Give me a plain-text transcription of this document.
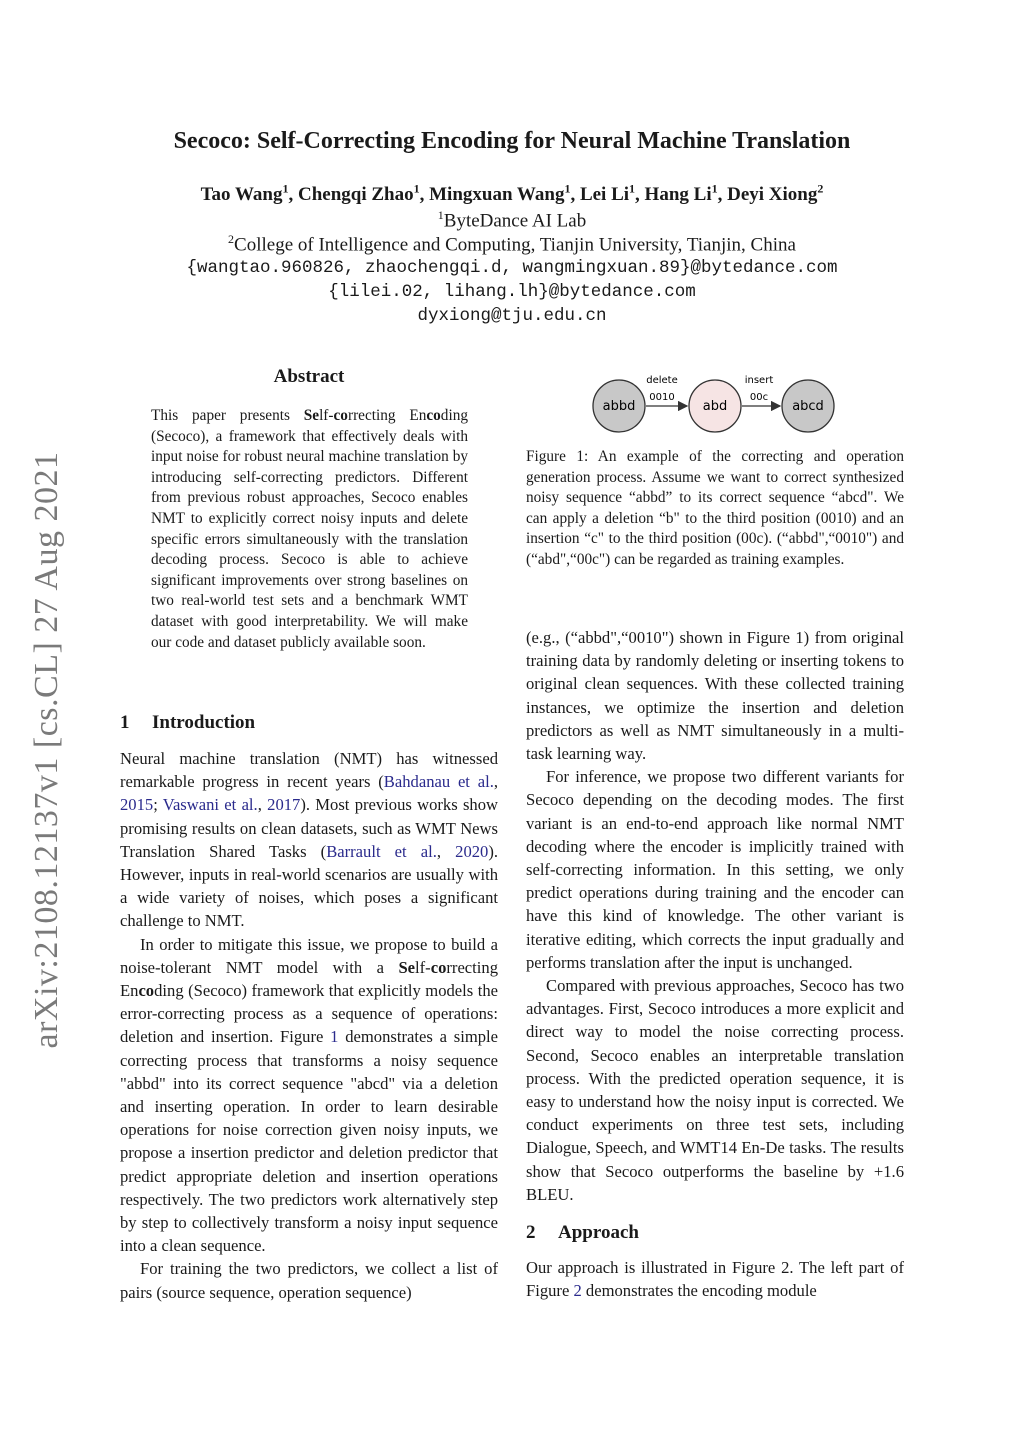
arXiv:2108.12137v1 [cs.CL] 27 Aug 2021
Secoco: Self-Correcting Encoding for Neural Machine Translation
Tao Wang$^1$, Chengqi Zhao$^1$, Mingxuan Wang$^1$, Lei Li$^1$, Hang Li$^1$, Deyi Xiong$^2$
$^1$ByteDance AI Lab
$^2$College of Intelligence and Computing, Tianjin University, Tianjin, China
{wangtao.960826, zhaochengqi.d, wangmingxuan.89}@bytedance.com
{lilei.02, lihang.lh}@bytedance.com
dyxiong@tju.edu.cn
Abstract

This paper presents Self-correcting Encoding (Secoco), a framework that effectively deals with input noise for robust neural machine translation by introducing self-correcting predictors. Different from previous robust approaches, Secoco enables NMT to explicitly correct noisy inputs and delete specific errors simultaneously with the translation decoding process. Secoco is able to achieve significant improvements over strong baselines on two real-world test sets and a benchmark WMT dataset with good interpretability. We will make our code and dataset publicly available soon.

1 Introduction

Neural machine translation (NMT) has witnessed remarkable progress in recent years (Bahdanau et al., 2015; Vaswani et al., 2017). Most previous works show promising results on clean datasets, such as WMT News Translation Shared Tasks (Barrault et al., 2020). However, inputs in real-world scenarios are usually with a wide variety of noises, which poses a significant challenge to NMT.

In order to mitigate this issue, we propose to build a noise-tolerant NMT model with a Self-correcting Encoding (Secoco) framework that explicitly models the error-correcting process as a sequence of operations: deletion and insertion. Figure 1 demonstrates a simple correcting process that transforms a noisy sequence "abbd" into its correct sequence "abcd" via a deletion and inserting operation. In order to learn desirable operations for noise correction given noisy inputs, we propose a insertion predictor and deletion predictor that predict appropriate deletion and insertion operations respectively. The two predictors work alternatively step by step to collectively transform a noisy input sequence into a clean sequence.

For training the two predictors, we collect a list of pairs (source sequence, operation sequence)

abbd	abd	abcd
delete
0010
insert
00c

Figure 1: An example of the correcting and operation generation process. Assume we want to correct synthesized noisy sequence “abbd” to its correct sequence “abcd". We can apply a deletion “b" to the third position (0010) and an insertion “c" to the third position (00c). (“abbd",“0010") and (“abd",“00c") can be regarded as training examples.

(e.g., (“abbd",“0010") shown in Figure 1) from original training data by randomly deleting or inserting tokens to original clean sequences. With these collected training instances, we optimize the insertion and deletion predictors as well as NMT simultaneously in a multi-task learning way.

For inference, we propose two different variants for Secoco depending on the decoding modes. The first variant is an end-to-end approach like normal NMT decoding where the encoder is implicitly trained with self-correcting information. In this setting, we only predict operations during training and the encoder can have this kind of knowledge. The other variant is iterative editing, which corrects the input gradually and performs translation after the input is unchanged.

Compared with previous approaches, Secoco has two advantages. First, Secoco introduces a more explicit and direct way to model the noise correcting process. Second, Secoco enables an interpretable translation process. With the predicted operation sequence, it is easy to understand how the noisy input is corrected. We conduct experiments on three test sets, including Dialogue, Speech, and WMT14 En-De tasks. The results show that Secoco outperforms the baseline by +1.6 BLEU.

2 Approach

Our approach is illustrated in Figure 2. The left part of Figure 2 demonstrates the encoding module
